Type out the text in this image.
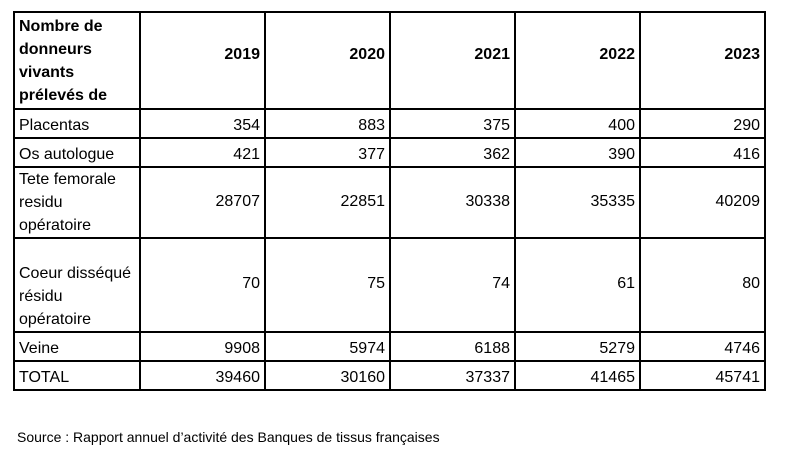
Nombre de donneurs vivants prélevés de	2019	2020	2021	2022	2023
Placentas	354	883	375	400	290
Os autologue	421	377	362	390	416
Tete femorale residu opératoire	28707	22851	30338	35335	40209
Coeur disséqué résidu opératoire	70	75	74	61	80
Veine	9908	5974	6188	5279	4746
TOTAL	39460	30160	37337	41465	45741

Source : Rapport annuel d’activité des Banques de tissus françaises
